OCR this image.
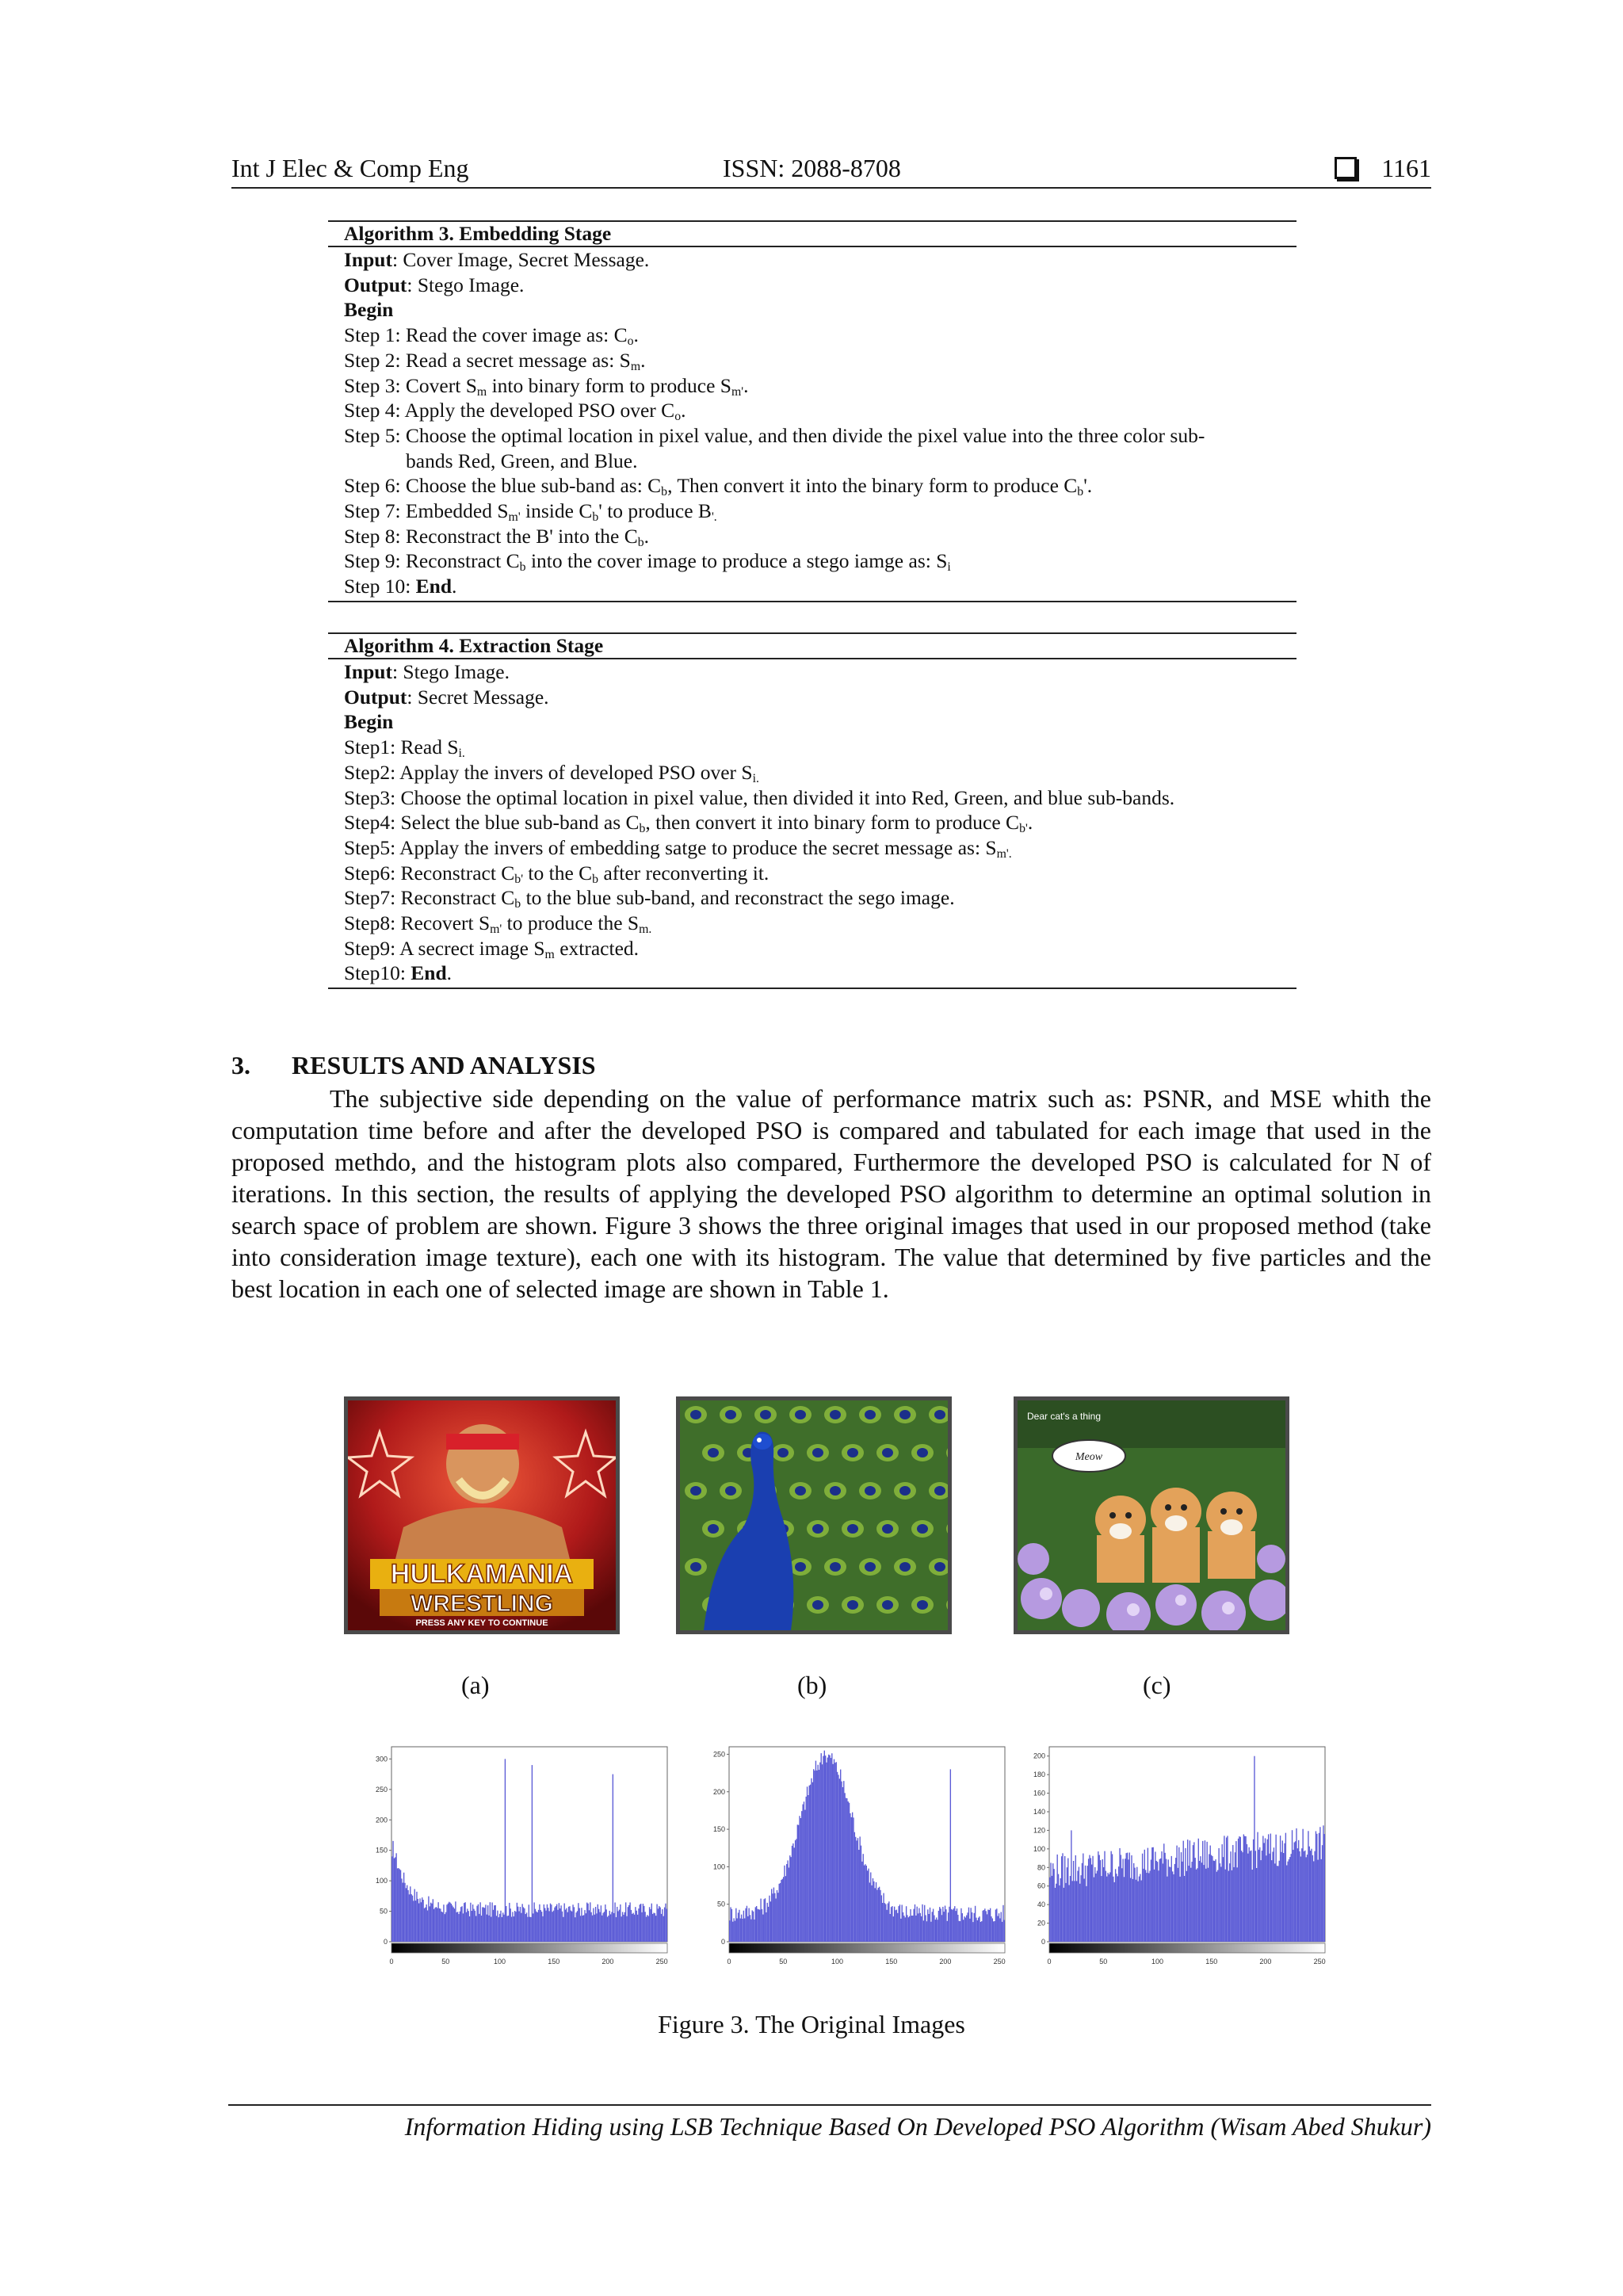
Int J Elec & Comp Eng	ISSN: 2088-8708	1161
Algorithm 3. Embedding Stage
Input: Cover Image, Secret Message.
Output: Stego Image.
Begin
Step 1: Read the cover image as: $C_o$.
Step 2: Read a secret message as: $S_m$.
Step 3: Covert $S_m$ into binary form to produce $S_{m'}$.
Step 4: Apply the developed PSO over $C_o$.
Step 5: Choose the optimal location in pixel value, and then divide the pixel value into the three color sub-
bands Red, Green, and Blue.
Step 6: Choose the blue sub-band as: $C_b$, Then convert it into the binary form to produce $C_b'$.
Step 7: Embedded $S_{m'}$ inside $C_b'$ to produce $B_{'.}$
Step 8: Reconstract the B' into the $C_b$.
Step 9: Reconstract $C_b$ into the cover image to produce a stego iamge as: $S_i$
Step 10: End.
Algorithm 4. Extraction Stage
Input: Stego Image.
Output: Secret Message.
Begin
Step1: Read $S_{i.}$
Step2: Applay the invers of developed PSO over $S_{i.}$
Step3: Choose the optimal location in pixel value, then divided it into Red, Green, and blue sub-bands.
Step4: Select the blue sub-band as $C_b$, then convert it into binary form to produce $C_{b'}$.
Step5: Applay the invers of embedding satge to produce the secret message as: $S_{m'.}$
Step6: Reconstract $C_{b'}$ to the $C_b$ after reconverting it.
Step7: Reconstract $C_b$ to the blue sub-band, and reconstract the sego image.
Step8: Recovert $S_{m'}$ to produce the $S_{m.}$
Step9: A secrect image $S_m$ extracted.
Step10: End.
3. RESULTS AND ANALYSIS
The subjective side depending on the value of performance matrix such as: PSNR, and MSE whith the computation time before and after the developed PSO is compared and tabulated for each image that used in the proposed methdo, and the histogram plots also compared, Furthermore the developed PSO is calculated for N of iterations. In this section, the results of applying the developed PSO algorithm to determine an optimal solution in search space of problem are shown. Figure 3 shows the three original images that used in our proposed method (take into consideration image texture), each one with its histogram. The value that determined by five particles and the best location in each one of selected image are shown in Table 1.
HULKAMANIA
WRESTLING
PRESS ANY KEY TO CONTINUE
Dear cat's a thing
Meow
(a)	(b)	(c)
0
50
100
150
200
250
300
0	50	100	150	200	250
0
50
100
150
200
250
0	50	100	150	200	250
0
20
40
60
80
100
120
140
160
180
200
0	50	100	150	200	250
Figure 3. The Original Images
Information Hiding using LSB Technique Based On Developed PSO Algorithm (Wisam Abed Shukur)
